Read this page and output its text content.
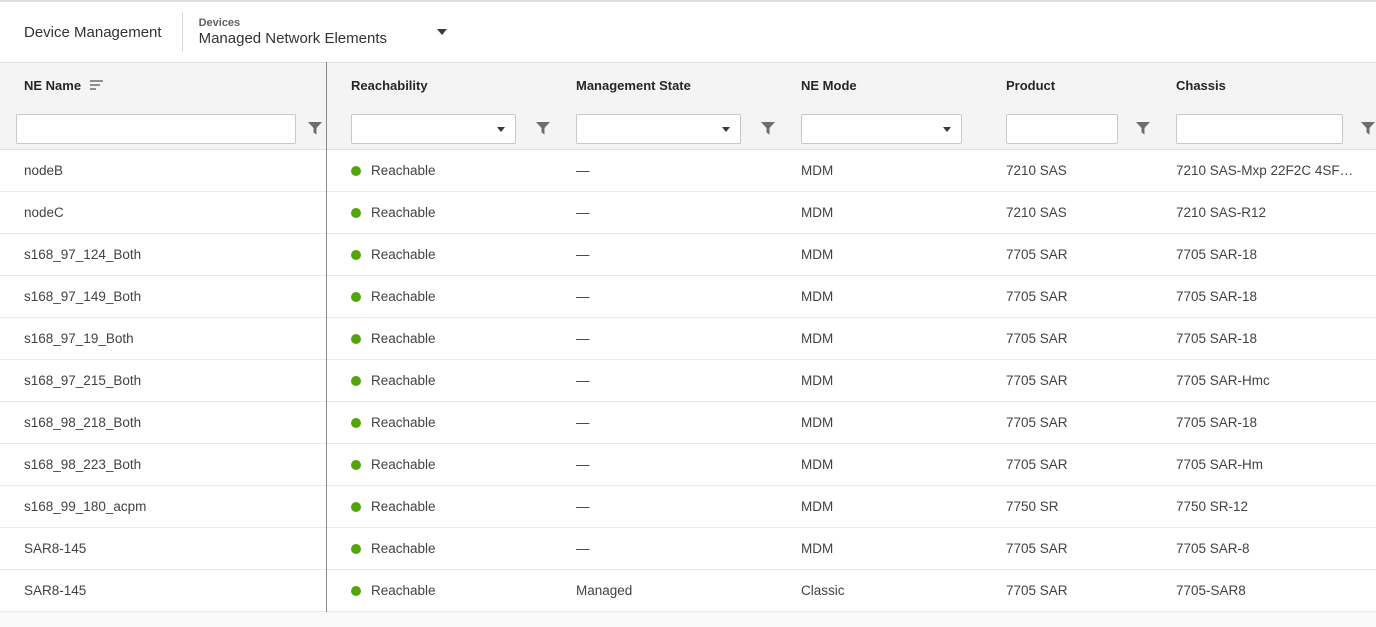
Device Management
Devices
Managed Network Elements
NE Name	Reachability	Management State	NE Mode	Product	Chassis
nodeB	Reachable	—	MDM	7210 SAS	7210 SAS-Mxp 22F2C 4SF…
nodeC	Reachable	—	MDM	7210 SAS	7210 SAS-R12
s168_97_124_Both	Reachable	—	MDM	7705 SAR	7705 SAR-18
s168_97_149_Both	Reachable	—	MDM	7705 SAR	7705 SAR-18
s168_97_19_Both	Reachable	—	MDM	7705 SAR	7705 SAR-18
s168_97_215_Both	Reachable	—	MDM	7705 SAR	7705 SAR-Hmc
s168_98_218_Both	Reachable	—	MDM	7705 SAR	7705 SAR-18
s168_98_223_Both	Reachable	—	MDM	7705 SAR	7705 SAR-Hm
s168_99_180_acpm	Reachable	—	MDM	7750 SR	7750 SR-12
SAR8-145	Reachable	—	MDM	7705 SAR	7705 SAR-8
SAR8-145	Reachable	Managed	Classic	7705 SAR	7705-SAR8
